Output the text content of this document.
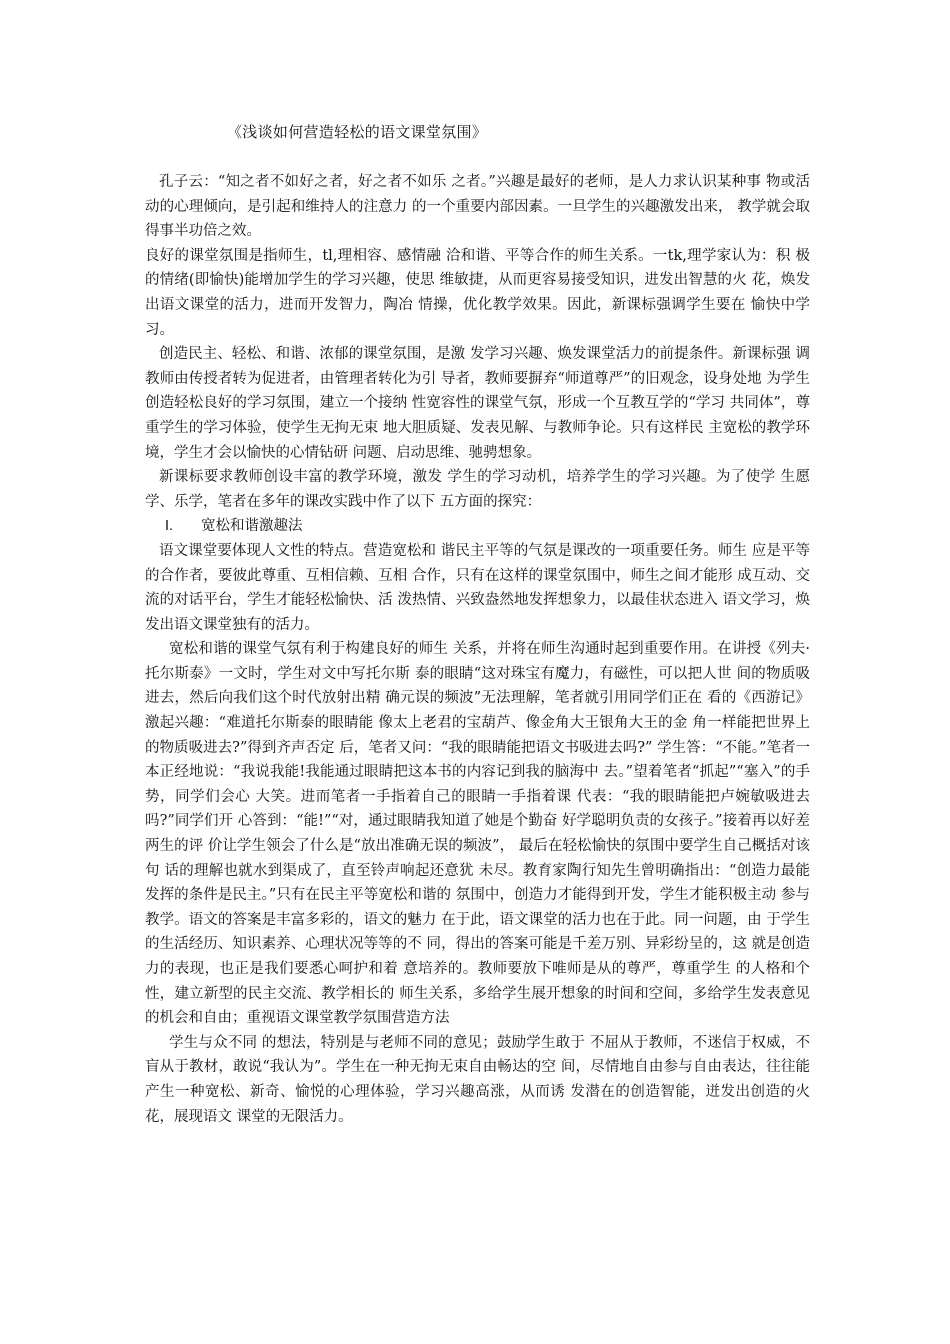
《浅谈如何营造轻松的语文课堂氛围》

孔子云：“知之者不如好之者，好之者不如乐 之者。”兴趣是最好的老师，是人力求认识某种事 物或活动的心理倾向，是引起和维持人的注意力 的一个重要内部因素。一旦学生的兴趣激发出来， 教学就会取得事半功倍之效。

良好的课堂氛围是指师生，tl,理相容、感情融 洽和谐、平等合作的师生关系。一tk,理学家认为：积 极的情绪(即愉快)能增加学生的学习兴趣，使思 维敏捷，从而更容易接受知识，进发出智慧的火 花，焕发出语文课堂的活力，进而开发智力，陶冶 情操，优化教学效果。因此，新课标强调学生要在 愉快中学习。

创造民主、轻松、和谐、浓郁的课堂氛围，是激 发学习兴趣、焕发课堂活力的前提条件。新课标强 调教师由传授者转为促进者，由管理者转化为引 导者，教师要摒弃“师道尊严”的旧观念，设身处地 为学生创造轻松良好的学习氛围，建立一个接纳 性宽容性的课堂气氛，形成一个互教互学的“学习 共同体”，尊重学生的学习体验，使学生无拘无束 地大胆质疑、发表见解、与教师争论。只有这样民 主宽松的教学环境，学生才会以愉快的心情钻研 问题、启动思维、驰骋想象。

新课标要求教师创设丰富的教学环境，激发 学生的学习动机，培养学生的学习兴趣。为了使学 生愿学、乐学，笔者在多年的课改实践中作了以下 五方面的探究：

I. 宽松和谐激趣法

语文课堂要体现人文性的特点。营造宽松和 谐民主平等的气氛是课改的一项重要任务。师生 应是平等的合作者，要彼此尊重、互相信赖、互相 合作，只有在这样的课堂氛围中，师生之间才能形 成互动、交流的对话平台，学生才能轻松愉快、活 泼热情、兴致盎然地发挥想象力，以最佳状态进入 语文学习，焕发出语文课堂独有的活力。

宽松和谐的课堂气氛有利于构建良好的师生 关系，并将在师生沟通时起到重要作用。在讲授《列夫·托尔斯泰》一文时，学生对文中写托尔斯 泰的眼睛“这对珠宝有魔力，有磁性，可以把人世 间的物质吸进去，然后向我们这个时代放射出精 确元误的频波”无法理解，笔者就引用同学们正在 看的《西游记》激起兴趣：“难道托尔斯泰的眼睛能 像太上老君的宝葫芦、像金角大王银角大王的金 角一样能把世界上的物质吸进去?”得到齐声否定 后，笔者又问：“我的眼睛能把语文书吸进去吗?” 学生答：“不能。”笔者一本正经地说：“我说我能!我能通过眼睛把这本书的内容记到我的脑海中 去。”望着笔者“抓起”“塞入”的手势，同学们会心 大笑。进而笔者一手指着自己的眼睛一手指着课 代表：“我的眼睛能把卢婉敏吸进去吗?”同学们开 心答到：“能!”“对，通过眼睛我知道了她是个勤奋 好学聪明负责的女孩子。”接着再以好差两生的评 价让学生领会了什么是“放出准确无误的频波”， 最后在轻松愉快的氛围中要学生自己概括对该句 话的理解也就水到渠成了，直至铃声响起还意犹 未尽。教育家陶行知先生曾明确指出：“创造力最能 发挥的条件是民主。”只有在民主平等宽松和谐的 氛围中，创造力才能得到开发，学生才能积极主动 参与教学。语文的答案是丰富多彩的，语文的魅力 在于此，语文课堂的活力也在于此。同一问题，由 于学生的生活经历、知识素养、心理状况等等的不 同，得出的答案可能是千差万别、异彩纷呈的，这 就是创造力的表现，也正是我们要悉心呵护和着 意培养的。教师要放下唯师是从的尊严，尊重学生 的人格和个性，建立新型的民主交流、教学相长的 师生关系，多给学生展开想象的时间和空间，多给学生发表意见的机会和自由；重视语文课堂教学氛围营造方法

学生与众不同 的想法，特别是与老师不同的意见；鼓励学生敢于 不屈从于教师，不迷信于权威，不盲从于教材，敢说“我认为”。学生在一种无拘无束自由畅达的空 间，尽情地自由参与自由表达，往往能产生一种宽松、新奇、愉悦的心理体验，学习兴趣高涨，从而诱 发潜在的创造智能，迸发出创造的火花，展现语文 课堂的无限活力。
